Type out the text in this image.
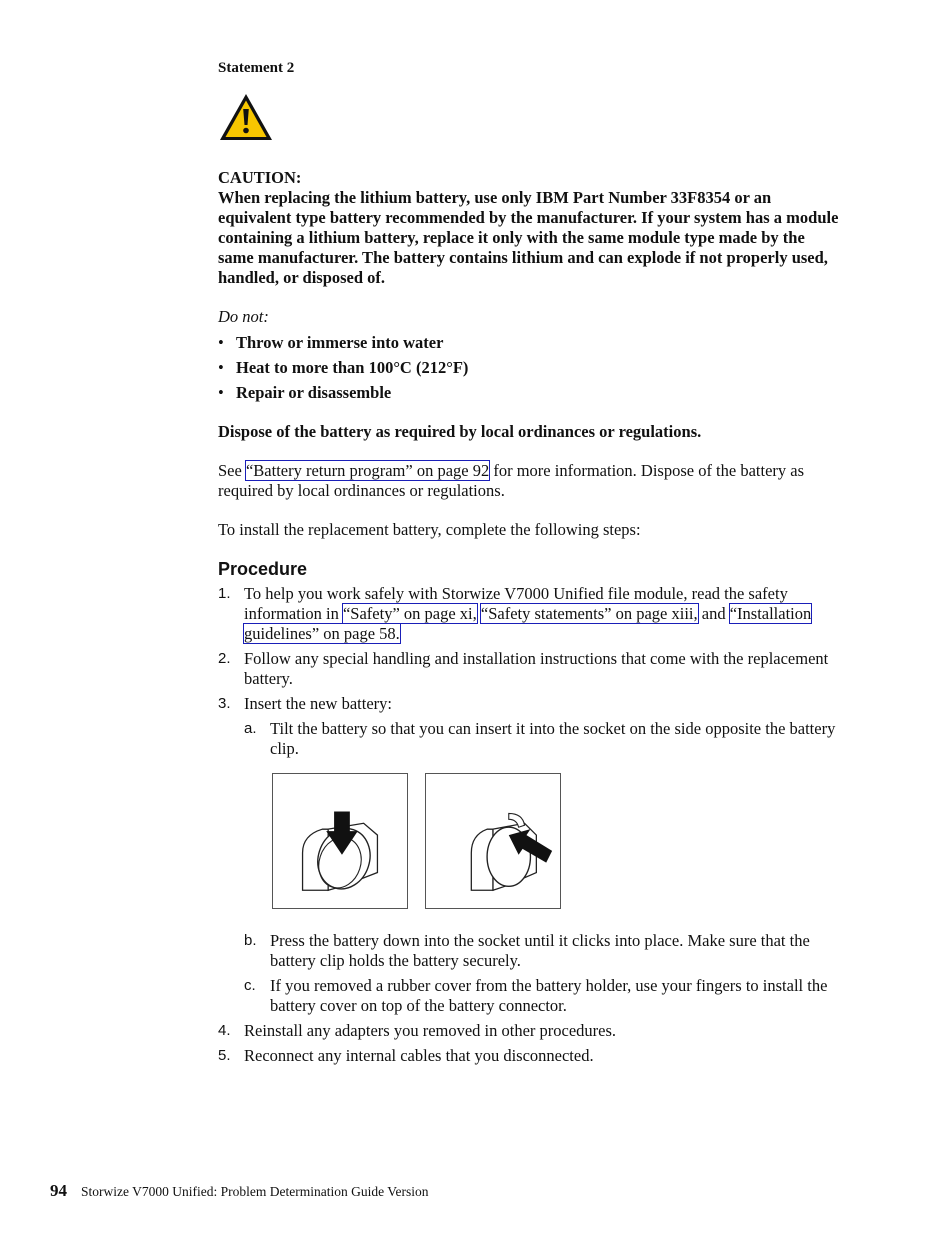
Statement 2

CAUTION:

When replacing the lithium battery, use only IBM Part Number 33F8354 or an equivalent type battery recommended by the manufacturer. If your system has a module containing a lithium battery, replace it only with the same module type made by the same manufacturer. The battery contains lithium and can explode if not properly used, handled, or disposed of.

Do not:

• Throw or immerse into water
• Heat to more than 100°C (212°F)
• Repair or disassemble

Dispose of the battery as required by local ordinances or regulations.

See “Battery return program” on page 92 for more information. Dispose of the battery as required by local ordinances or regulations.

To install the replacement battery, complete the following steps:

Procedure
1. To help you work safely with Storwize V7000 Unified file module, read the safety information in “Safety” on page xi, “Safety statements” on page xiii, and “Installation guidelines” on page 58.
2. Follow any special handling and installation instructions that come with the replacement battery.
3. Insert the new battery:
a. Tilt the battery so that you can insert it into the socket on the side opposite the battery clip.
b. Press the battery down into the socket until it clicks into place. Make sure that the battery clip holds the battery securely.
c. If you removed a rubber cover from the battery holder, use your fingers to install the battery cover on top of the battery connector.
4. Reinstall any adapters you removed in other procedures.
5. Reconnect any internal cables that you disconnected.
94 Storwize V7000 Unified: Problem Determination Guide Version
